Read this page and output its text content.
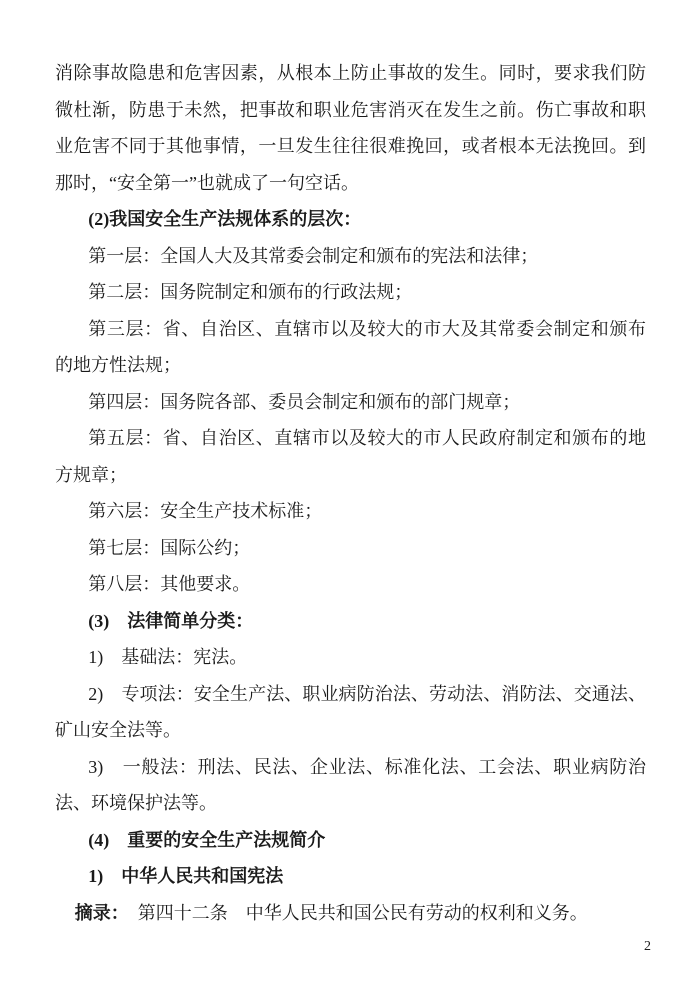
消除事故隐患和危害因素，从根本上防止事故的发生。同时，要求我们防微杜渐，防患于未然，把事故和职业危害消灭在发生之前。伤亡事故和职业危害不同于其他事情，一旦发生往往很难挽回，或者根本无法挽回。到那时，“安全第一”也就成了一句空话。

(2)我国安全生产法规体系的层次：

第一层：全国人大及其常委会制定和颁布的宪法和法律；

第二层：国务院制定和颁布的行政法规；

第三层：省、自治区、直辖市以及较大的市大及其常委会制定和颁布的地方性法规；

第四层：国务院各部、委员会制定和颁布的部门规章；

第五层：省、自治区、直辖市以及较大的市人民政府制定和颁布的地方规章；

第六层：安全生产技术标准；

第七层：国际公约；

第八层：其他要求。

(3)　法律简单分类：

1)　基础法：宪法。

2)　专项法：安全生产法、职业病防治法、劳动法、消防法、交通法、矿山安全法等。

3)　一般法：刑法、民法、企业法、标准化法、工会法、职业病防治法、环境保护法等。

(4)　重要的安全生产法规简介

1)　中华人民共和国宪法

摘录：　第四十二条　中华人民共和国公民有劳动的权利和义务。

2
